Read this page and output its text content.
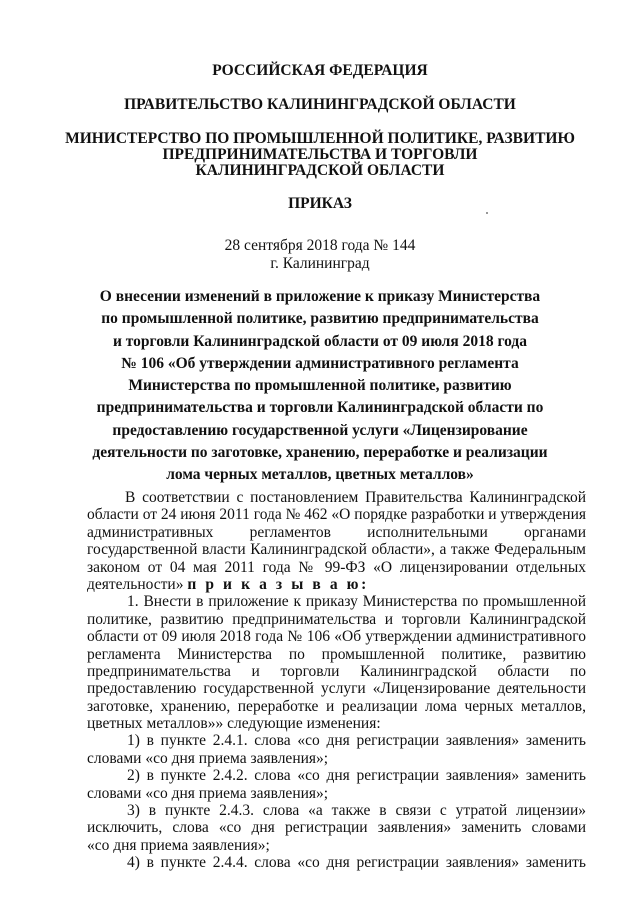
РОССИЙСКАЯ ФЕДЕРАЦИЯ
ПРАВИТЕЛЬСТВО КАЛИНИНГРАДСКОЙ ОБЛАСТИ
МИНИСТЕРСТВО ПО ПРОМЫШЛЕННОЙ ПОЛИТИКЕ, РАЗВИТИЮ
ПРЕДПРИНИМАТЕЛЬСТВА И ТОРГОВЛИ
КАЛИНИНГРАДСКОЙ ОБЛАСТИ
ПРИКАЗ
28 сентября 2018 года № 144
г. Калининград
О внесении изменений в приложение к приказу Министерства
по промышленной политике, развитию предпринимательства
и торговли Калининградской области от 09 июля 2018 года
№ 106 «Об утверждении административного регламента
Министерства по промышленной политике, развитию
предпринимательства и торговли Калининградской области по
предоставлению государственной услуги «Лицензирование
деятельности по заготовке, хранению, переработке и реализации
лома черных металлов, цветных металлов»
В соответствии с постановлением Правительства Калининградской
области от 24 июня 2011 года № 462 «О порядке разработки и утверждения
административных регламентов исполнительными органами
государственной власти Калининградской области», а также Федеральным
законом от 04 мая 2011 года № 99-ФЗ «О лицензировании отдельных
деятельности» п р и к а з ы в а ю:
1. Внести в приложение к приказу Министерства по промышленной
политике, развитию предпринимательства и торговли Калининградской
области от 09 июля 2018 года № 106 «Об утверждении административного
регламента Министерства по промышленной политике, развитию
предпринимательства и торговли Калининградской области по
предоставлению государственной услуги «Лицензирование деятельности
заготовке, хранению, переработке и реализации лома черных металлов,
цветных металлов»» следующие изменения:
1) в пункте 2.4.1. слова «со дня регистрации заявления» заменить
словами «со дня приема заявления»;
2) в пункте 2.4.2. слова «со дня регистрации заявления» заменить
словами «со дня приема заявления»;
3) в пункте 2.4.3. слова «а также в связи с утратой лицензии»
исключить, слова «со дня регистрации заявления» заменить словами
«со дня приема заявления»;
4) в пункте 2.4.4. слова «со дня регистрации заявления» заменить
